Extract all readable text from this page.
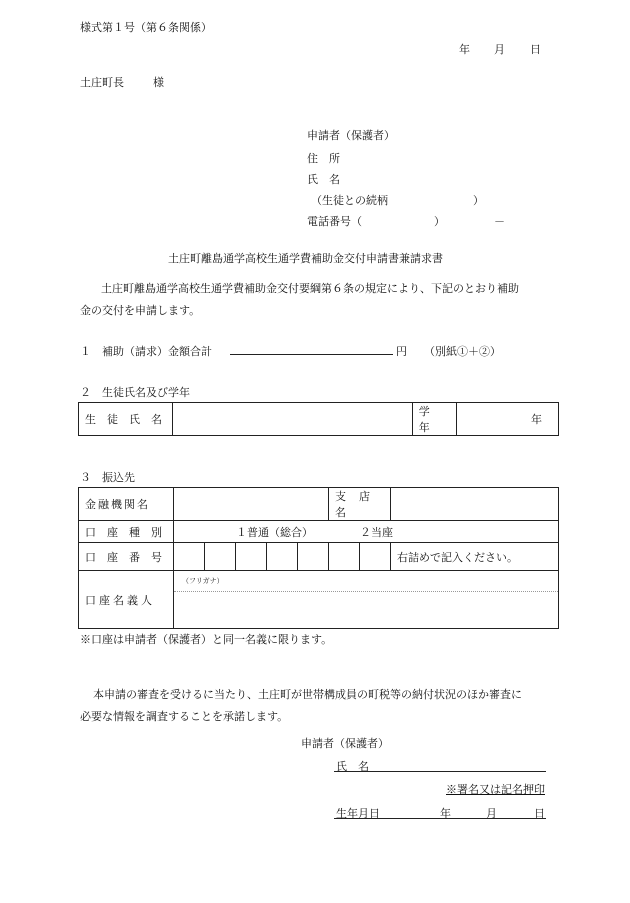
様式第１号（第６条関係）
年 月 日
土庄町長	様
申請者（保護者）
住　所
氏　名
（生徒との続柄	）
電話番号（	）	－
土庄町離島通学高校生通学費補助金交付申請書兼請求書
土庄町離島通学高校生通学費補助金交付要綱第６条の規定により、下記のとおり補助
金の交付を申請します。
１　補助（請求）金額合計	円 （別紙①＋②）
２　生徒氏名及び学年
生　徒　氏　名		学　年	年
３　振込先
金融機関名						支　店　名		
口　座　種　別	１普通（総合） ２当座							
口　座　番　号								右詰めで記入ください。
口座名義人	（フリガナ）							
※口座は申請者（保護者）と同一名義に限ります。
本申請の審査を受けるに当たり、土庄町が世帯構成員の町税等の納付状況のほか審査に
必要な情報を調査することを承諾します。
申請者（保護者）
氏　名
※署名又は記名押印
生年月日	年	月	日
